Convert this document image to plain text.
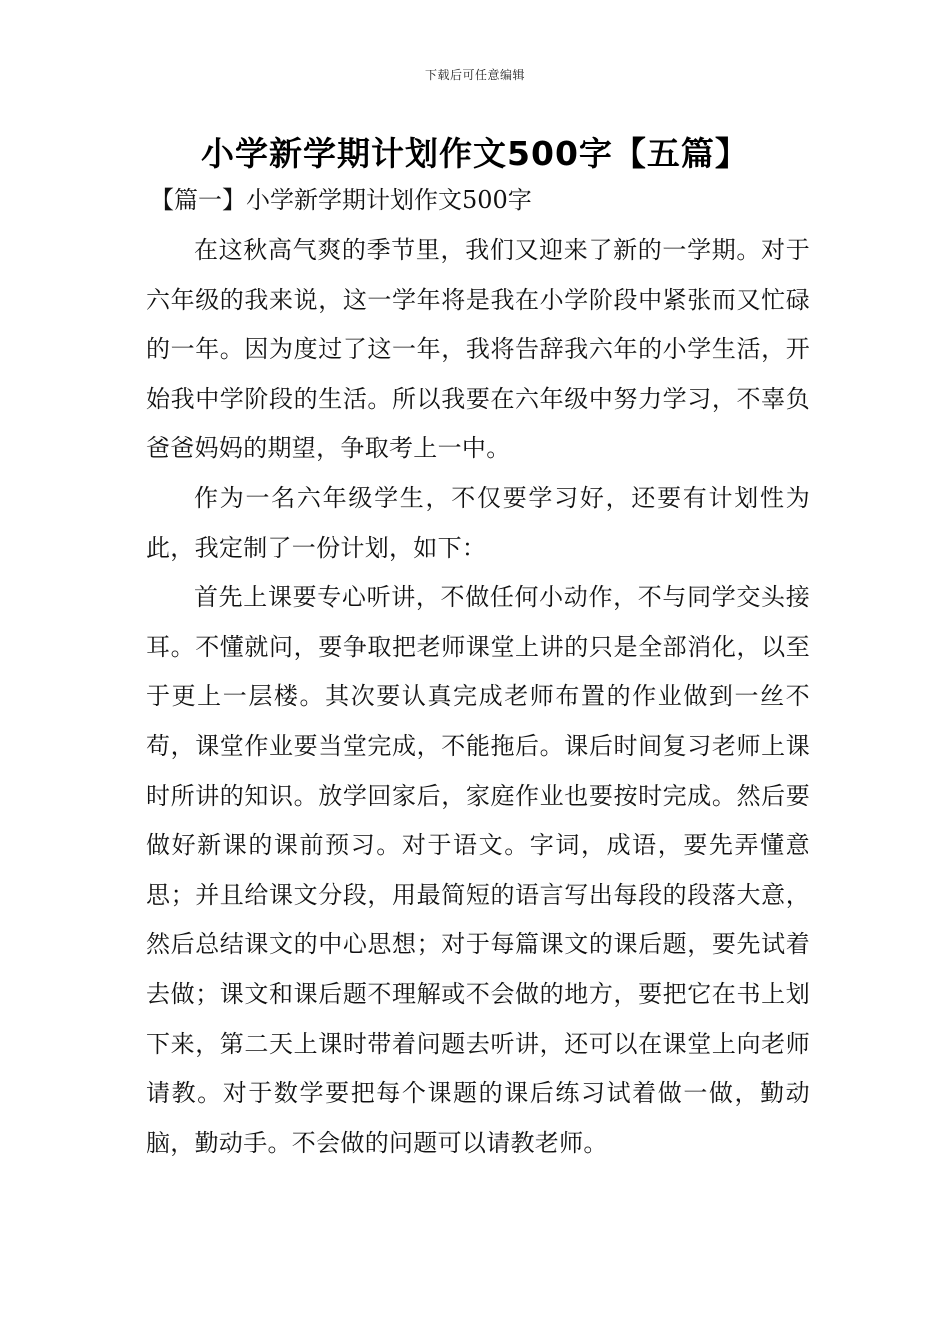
下载后可任意编辑
小学新学期计划作文500字【五篇】
【篇一】小学新学期计划作文500字

在这秋高气爽的季节里，我们又迎来了新的一学期。对于六年级的我来说，这一学年将是我在小学阶段中紧张而又忙碌的一年。因为度过了这一年，我将告辞我六年的小学生活，开始我中学阶段的生活。所以我要在六年级中努力学习，不辜负爸爸妈妈的期望，争取考上一中。

作为一名六年级学生，不仅要学习好，还要有计划性为此，我定制了一份计划，如下：

首先上课要专心听讲，不做任何小动作，不与同学交头接耳。不懂就问，要争取把老师课堂上讲的只是全部消化，以至于更上一层楼。其次要认真完成老师布置的作业做到一丝不苟，课堂作业要当堂完成，不能拖后。课后时间复习老师上课时所讲的知识。放学回家后，家庭作业也要按时完成。然后要做好新课的课前预习。对于语文。字词，成语，要先弄懂意思；并且给课文分段，用最简短的语言写出每段的段落大意，然后总结课文的中心思想；对于每篇课文的课后题，要先试着去做；课文和课后题不理解或不会做的地方，要把它在书上划下来，第二天上课时带着问题去听讲，还可以在课堂上向老师请教。对于数学要把每个课题的课后练习试着做一做，勤动脑，勤动手。不会做的问题可以请教老师。
